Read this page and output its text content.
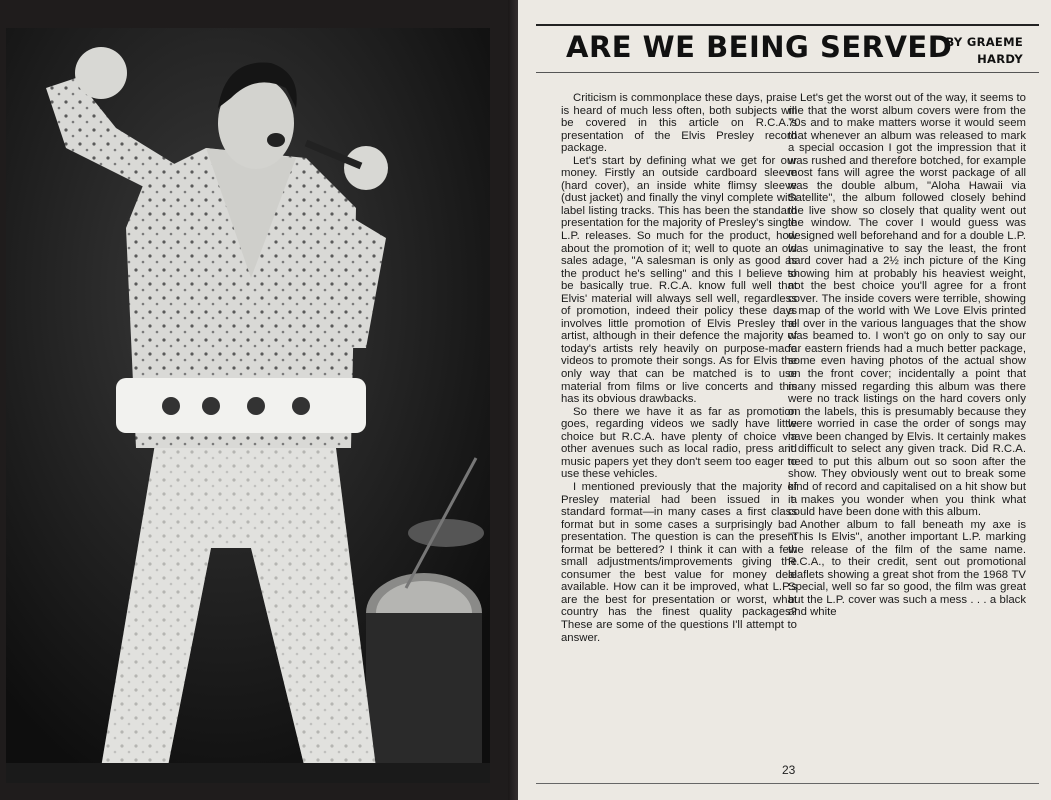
ARE WE BEING SERVED
BY GRAEME
HARDY

Criticism is commonplace these days, praise is heard of much less often, both subjects will be covered in this article on R.C.A.'s presentation of the Elvis Presley record package.

Let's start by defining what we get for our money. Firstly an outside cardboard sleeve (hard cover), an inside white flimsy sleeve (dust jacket) and finally the vinyl complete with label listing tracks. This has been the standard presentation for the majority of Presley's single L.P. releases. So much for the product, how about the promotion of it; well to quote an old sales adage, "A salesman is only as good as the product he's selling" and this I believe to be basically true. R.C.A. know full well that Elvis' material will always sell well, regardless of promotion, indeed their policy these days involves little promotion of Elvis Presley the artist, although in their defence the majority of today's artists rely heavily on purpose-made videos to promote their songs. As for Elvis the only way that can be matched is to use material from films or live concerts and this has its obvious drawbacks.

So there we have it as far as promotion goes, regarding videos we sadly have little choice but R.C.A. have plenty of choice via other avenues such as local radio, press and music papers yet they don't seem too eager to use these vehicles.

I mentioned previously that the majority of Presley material had been issued in a standard format—in many cases a first class format but in some cases a surprisingly bad presentation. The question is can the present format be bettered? I think it can with a few small adjustments/improvements giving the consumer the best value for money deal available. How can it be improved, what L.P.s are the best for presentation or worst, what country has the finest quality packages? These are some of the questions I'll attempt to answer.

Let's get the worst out of the way, it seems to me that the worst album covers were from the 70s and to make matters worse it would seem that whenever an album was released to mark a special occasion I got the impression that it was rushed and therefore botched, for example most fans will agree the worst package of all was the double album, "Aloha Hawaii via Satellite", the album followed closely behind the live show so closely that quality went out the window. The cover I would guess was designed well beforehand and for a double L.P. was unimaginative to say the least, the front hard cover had a 2½ inch picture of the King showing him at probably his heaviest weight, not the best choice you'll agree for a front cover. The inside covers were terrible, showing a map of the world with We Love Elvis printed all over in the various languages that the show was beamed to. I won't go on only to say our far eastern friends had a much better package, some even having photos of the actual show on the front cover; incidentally a point that many missed regarding this album was there were no track listings on the hard covers only on the labels, this is presumably because they were worried in case the order of songs may have been changed by Elvis. It certainly makes it difficult to select any given track. Did R.C.A. need to put this album out so soon after the show. They obviously went out to break some kind of record and capitalised on a hit show but it makes you wonder when you think what could have been done with this album.

Another album to fall beneath my axe is "This Is Elvis", another important L.P. marking the release of the film of the same name. R.C.A., to their credit, sent out promotional leaflets showing a great shot from the 1968 TV Special, well so far so good, the film was great but the L.P. cover was such a mess . . . a black and white

23
